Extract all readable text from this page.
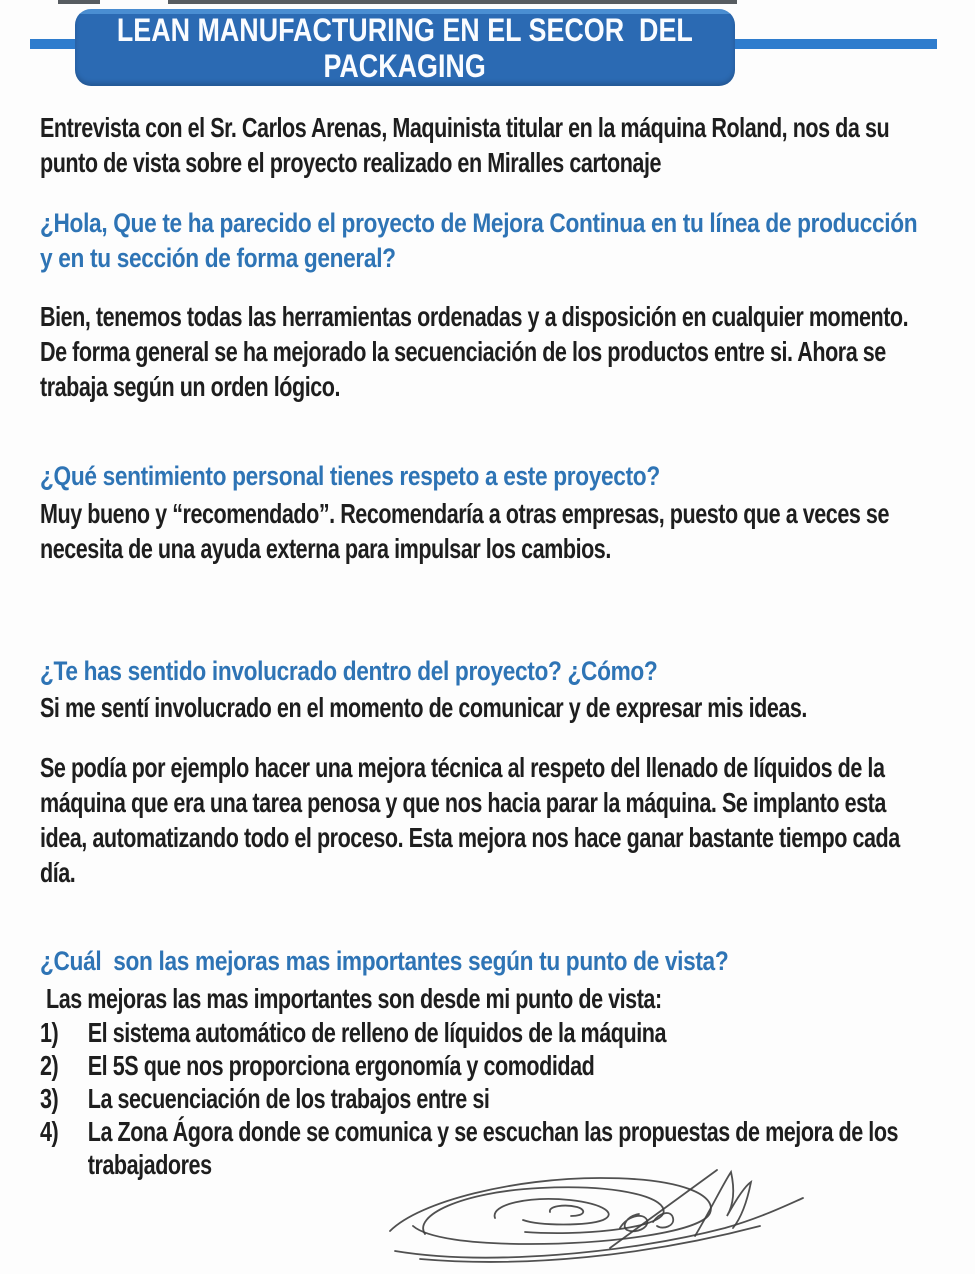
LEAN MANUFACTURING EN EL SECOR  DEL
PACKAGING

Entrevista con el Sr. Carlos Arenas, Maquinista titular en la máquina Roland, nos da su punto de vista sobre el proyecto realizado en Miralles cartonaje

¿Hola, Que te ha parecido el proyecto de Mejora Continua en tu línea de producción y en tu sección de forma general?

Bien, tenemos todas las herramientas ordenadas y a disposición en cualquier momento. De forma general se ha mejorado la secuenciación de los productos entre si. Ahora se trabaja según un orden lógico.

¿Qué sentimiento personal tienes respeto a este proyecto?

Muy bueno y “recomendado”. Recomendaría a otras empresas, puesto que a veces se necesita de una ayuda externa para impulsar los cambios.

¿Te has sentido involucrado dentro del proyecto? ¿Cómo?

Si me sentí involucrado en el momento de comunicar y de expresar mis ideas.

Se podía por ejemplo hacer una mejora técnica al respeto del llenado de líquidos de la máquina que era una tarea penosa y que nos hacia parar la máquina. Se implanto esta idea, automatizando todo el proceso. Esta mejora nos hace ganar bastante tiempo cada día.

¿Cuál  son las mejoras mas importantes según tu punto de vista?

Las mejoras las mas importantes son desde mi punto de vista:

1)	El sistema automático de relleno de líquidos de la máquina
2)	El 5S que nos proporciona ergonomía y comodidad
3)	La secuenciación de los trabajos entre si
4)	La Zona Ágora donde se comunica y se escuchan las propuestas de mejora de los trabajadores
